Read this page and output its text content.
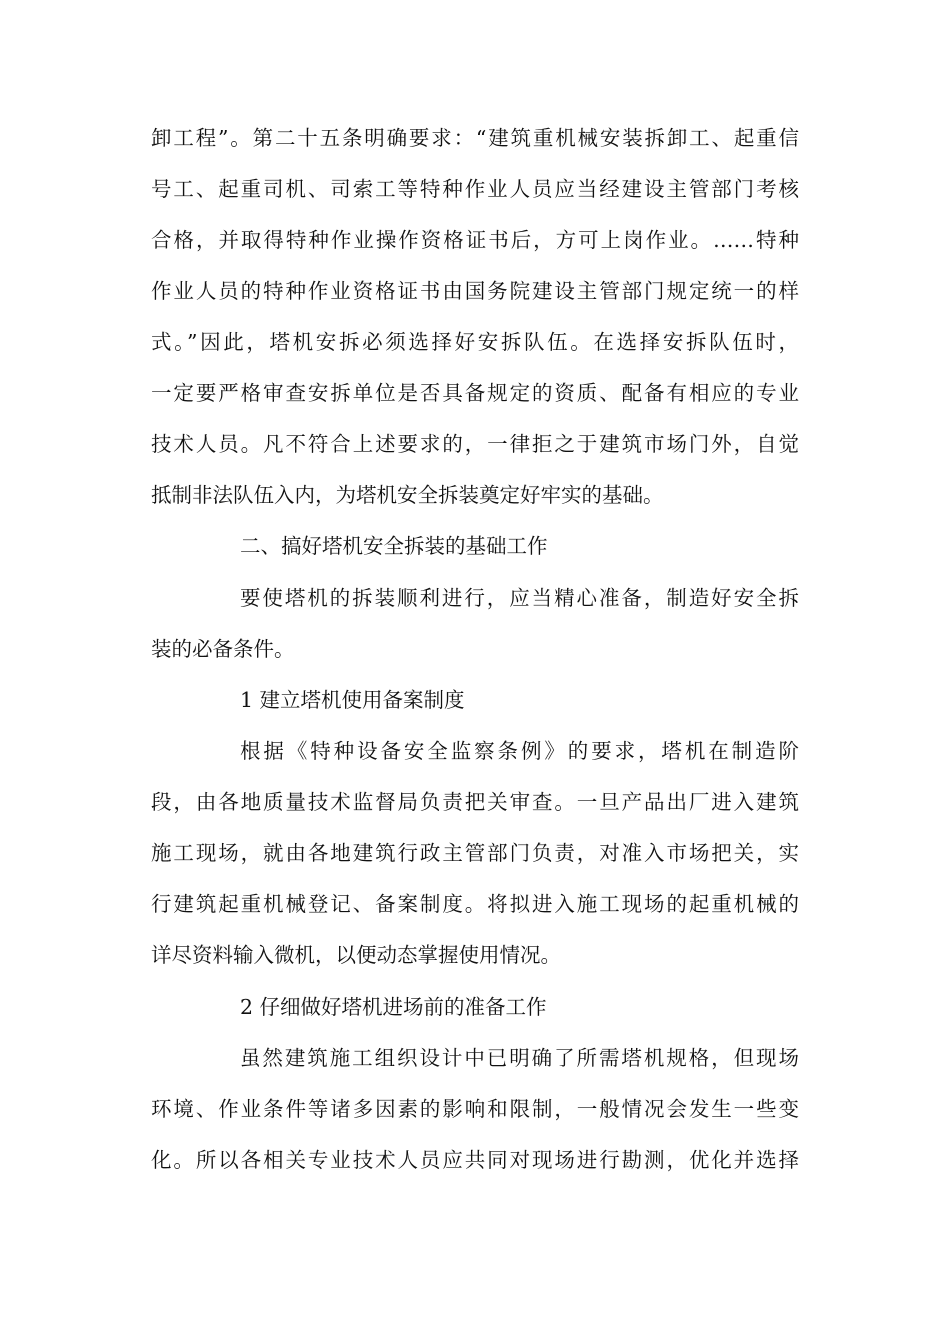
卸工程”。第二十五条明确要求：“建筑重机械安装拆卸工、起重信
号工、起重司机、司索工等特种作业人员应当经建设主管部门考核
合格，并取得特种作业操作资格证书后，方可上岗作业。……特种
作业人员的特种作业资格证书由国务院建设主管部门规定统一的样
式。”因此，塔机安拆必须选择好安拆队伍。在选择安拆队伍时，
一定要严格审查安拆单位是否具备规定的资质、配备有相应的专业
技术人员。凡不符合上述要求的，一律拒之于建筑市场门外，自觉
抵制非法队伍入内，为塔机安全拆装奠定好牢实的基础。
二、搞好塔机安全拆装的基础工作
要使塔机的拆装顺利进行，应当精心准备，制造好安全拆
装的必备条件。
1 建立塔机使用备案制度
根据《特种设备安全监察条例》的要求，塔机在制造阶
段，由各地质量技术监督局负责把关审查。一旦产品出厂进入建筑
施工现场，就由各地建筑行政主管部门负责，对准入市场把关，实
行建筑起重机械登记、备案制度。将拟进入施工现场的起重机械的
详尽资料输入微机，以便动态掌握使用情况。
2 仔细做好塔机进场前的准备工作
虽然建筑施工组织设计中已明确了所需塔机规格，但现场
环境、作业条件等诸多因素的影响和限制，一般情况会发生一些变
化。所以各相关专业技术人员应共同对现场进行勘测，优化并选择
